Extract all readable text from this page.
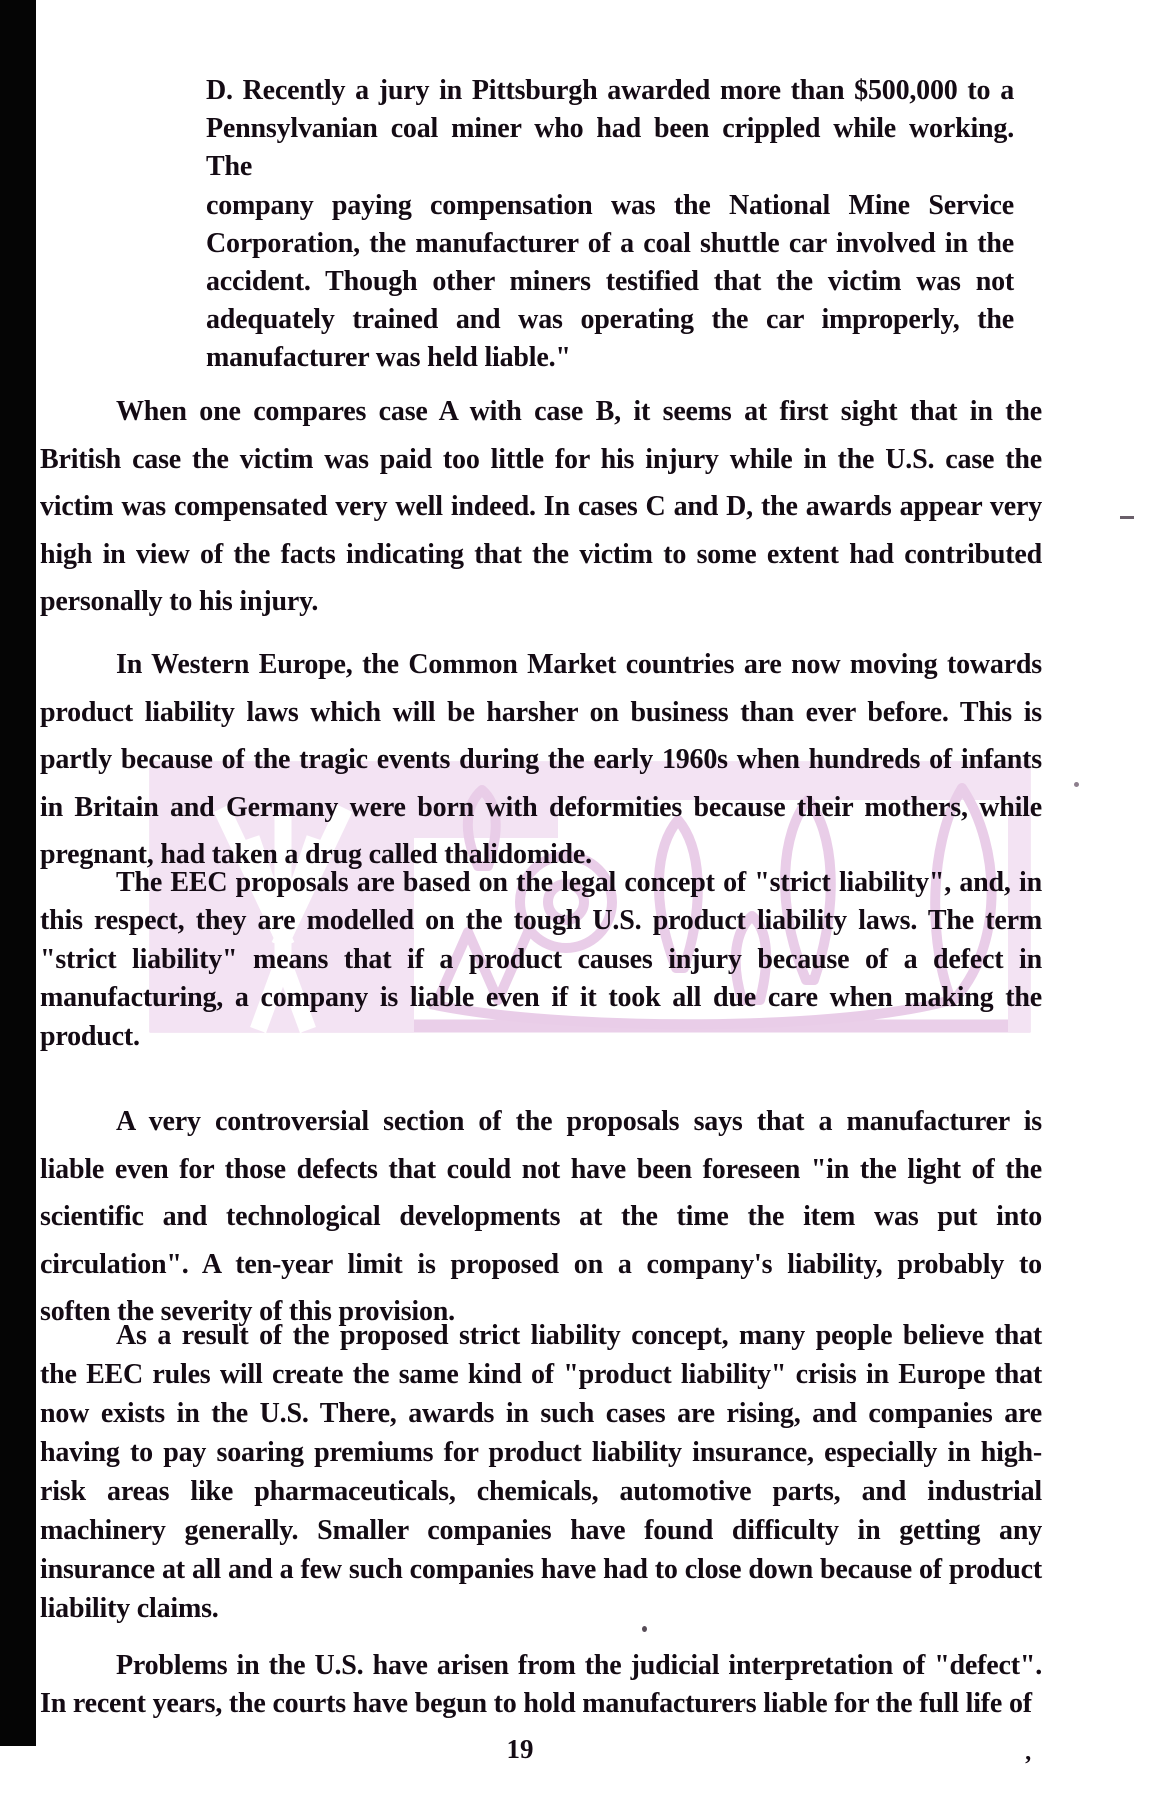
D. Recently a jury in Pittsburgh awarded more than $500,000 to a
Pennsylvanian coal miner who had been crippled while working. The
company paying compensation was the National Mine Service
Corporation, the manufacturer of a coal shuttle car involved in the
accident. Though other miners testified that the victim was not
adequately trained and was operating the car improperly, the
manufacturer was held liable."
When one compares case A with case B, it seems at first sight that in the
British case the victim was paid too little for his injury while in the U.S. case the
victim was compensated very well indeed. In cases C and D, the awards appear very
high in view of the facts indicating that the victim to some extent had contributed
personally to his injury.
In Western Europe, the Common Market countries are now moving towards
product liability laws which will be harsher on business than ever before. This is
partly because of the tragic events during the early 1960s when hundreds of infants
in Britain and Germany were born with deformities because their mothers, while
pregnant, had taken a drug called thalidomide.
The EEC proposals are based on the legal concept of "strict liability", and, in
this respect, they are modelled on the tough U.S. product liability laws. The term
"strict liability" means that if a product causes injury because of a defect in
manufacturing, a company is liable even if it took all due care when making the
product.
A very controversial section of the proposals says that a manufacturer is
liable even for those defects that could not have been foreseen "in the light of the
scientific and technological developments at the time the item was put into
circulation". A ten-year limit is proposed on a company's liability, probably to
soften the severity of this provision.
As a result of the proposed strict liability concept, many people believe that
the EEC rules will create the same kind of "product liability" crisis in Europe that
now exists in the U.S. There, awards in such cases are rising, and companies are
having to pay soaring premiums for product liability insurance, especially in high-
risk areas like pharmaceuticals, chemicals, automotive parts, and industrial
machinery generally. Smaller companies have found difficulty in getting any
insurance at all and a few such companies have had to close down because of product
liability claims.
Problems in the U.S. have arisen from the judicial interpretation of "defect".
In recent years, the courts have begun to hold manufacturers liable for the full life of
19
’
